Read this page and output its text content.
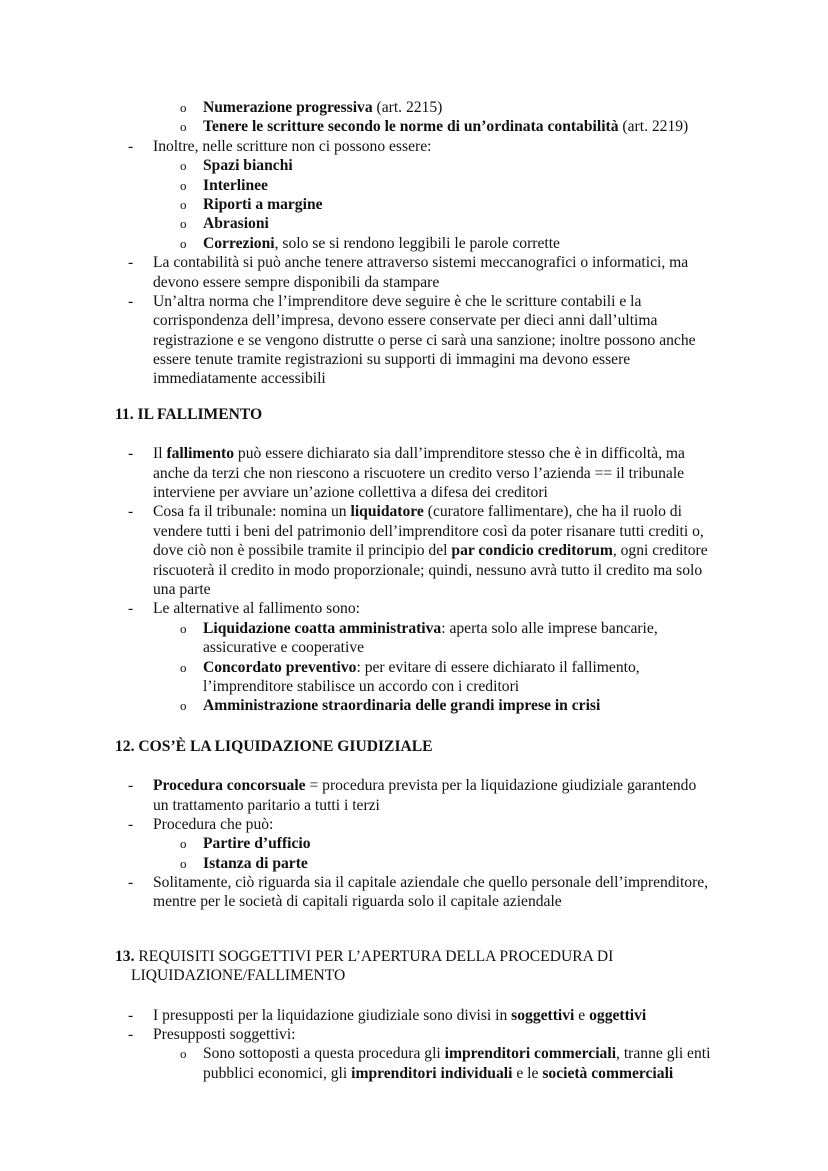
o Numerazione progressiva (art. 2215)
o Tenere le scritture secondo le norme di un’ordinata contabilità (art. 2219)
- Inoltre, nelle scritture non ci possono essere:
o Spazi bianchi
o Interlinee
o Riporti a margine
o Abrasioni
o Correzioni, solo se si rendono leggibili le parole corrette
- La contabilità si può anche tenere attraverso sistemi meccanografici o informatici, ma
devono essere sempre disponibili da stampare
- Un’altra norma che l’imprenditore deve seguire è che le scritture contabili e la
corrispondenza dell’impresa, devono essere conservate per dieci anni dall’ultima
registrazione e se vengono distrutte o perse ci sarà una sanzione; inoltre possono anche
essere tenute tramite registrazioni su supporti di immagini ma devono essere
immediatamente accessibili
11. IL FALLIMENTO
- Il fallimento può essere dichiarato sia dall’imprenditore stesso che è in difficoltà, ma
anche da terzi che non riescono a riscuotere un credito verso l’azienda == il tribunale
interviene per avviare un’azione collettiva a difesa dei creditori
- Cosa fa il tribunale: nomina un liquidatore (curatore fallimentare), che ha il ruolo di
vendere tutti i beni del patrimonio dell’imprenditore così da poter risanare tutti crediti o,
dove ciò non è possibile tramite il principio del par condicio creditorum, ogni creditore
riscuoterà il credito in modo proporzionale; quindi, nessuno avrà tutto il credito ma solo
una parte
- Le alternative al fallimento sono:
o Liquidazione coatta amministrativa: aperta solo alle imprese bancarie,
assicurative e cooperative
o Concordato preventivo: per evitare di essere dichiarato il fallimento,
l’imprenditore stabilisce un accordo con i creditori
o Amministrazione straordinaria delle grandi imprese in crisi
12. COS’È LA LIQUIDAZIONE GIUDIZIALE
- Procedura concorsuale = procedura prevista per la liquidazione giudiziale garantendo
un trattamento paritario a tutti i terzi
- Procedura che può:
o Partire d’ufficio
o Istanza di parte
- Solitamente, ciò riguarda sia il capitale aziendale che quello personale dell’imprenditore,
mentre per le società di capitali riguarda solo il capitale aziendale
13. REQUISITI SOGGETTIVI PER L’APERTURA DELLA PROCEDURA DI
LIQUIDAZIONE/FALLIMENTO
- I presupposti per la liquidazione giudiziale sono divisi in soggettivi e oggettivi
- Presupposti soggettivi:
o Sono sottoposti a questa procedura gli imprenditori commerciali, tranne gli enti
pubblici economici, gli imprenditori individuali e le società commerciali
